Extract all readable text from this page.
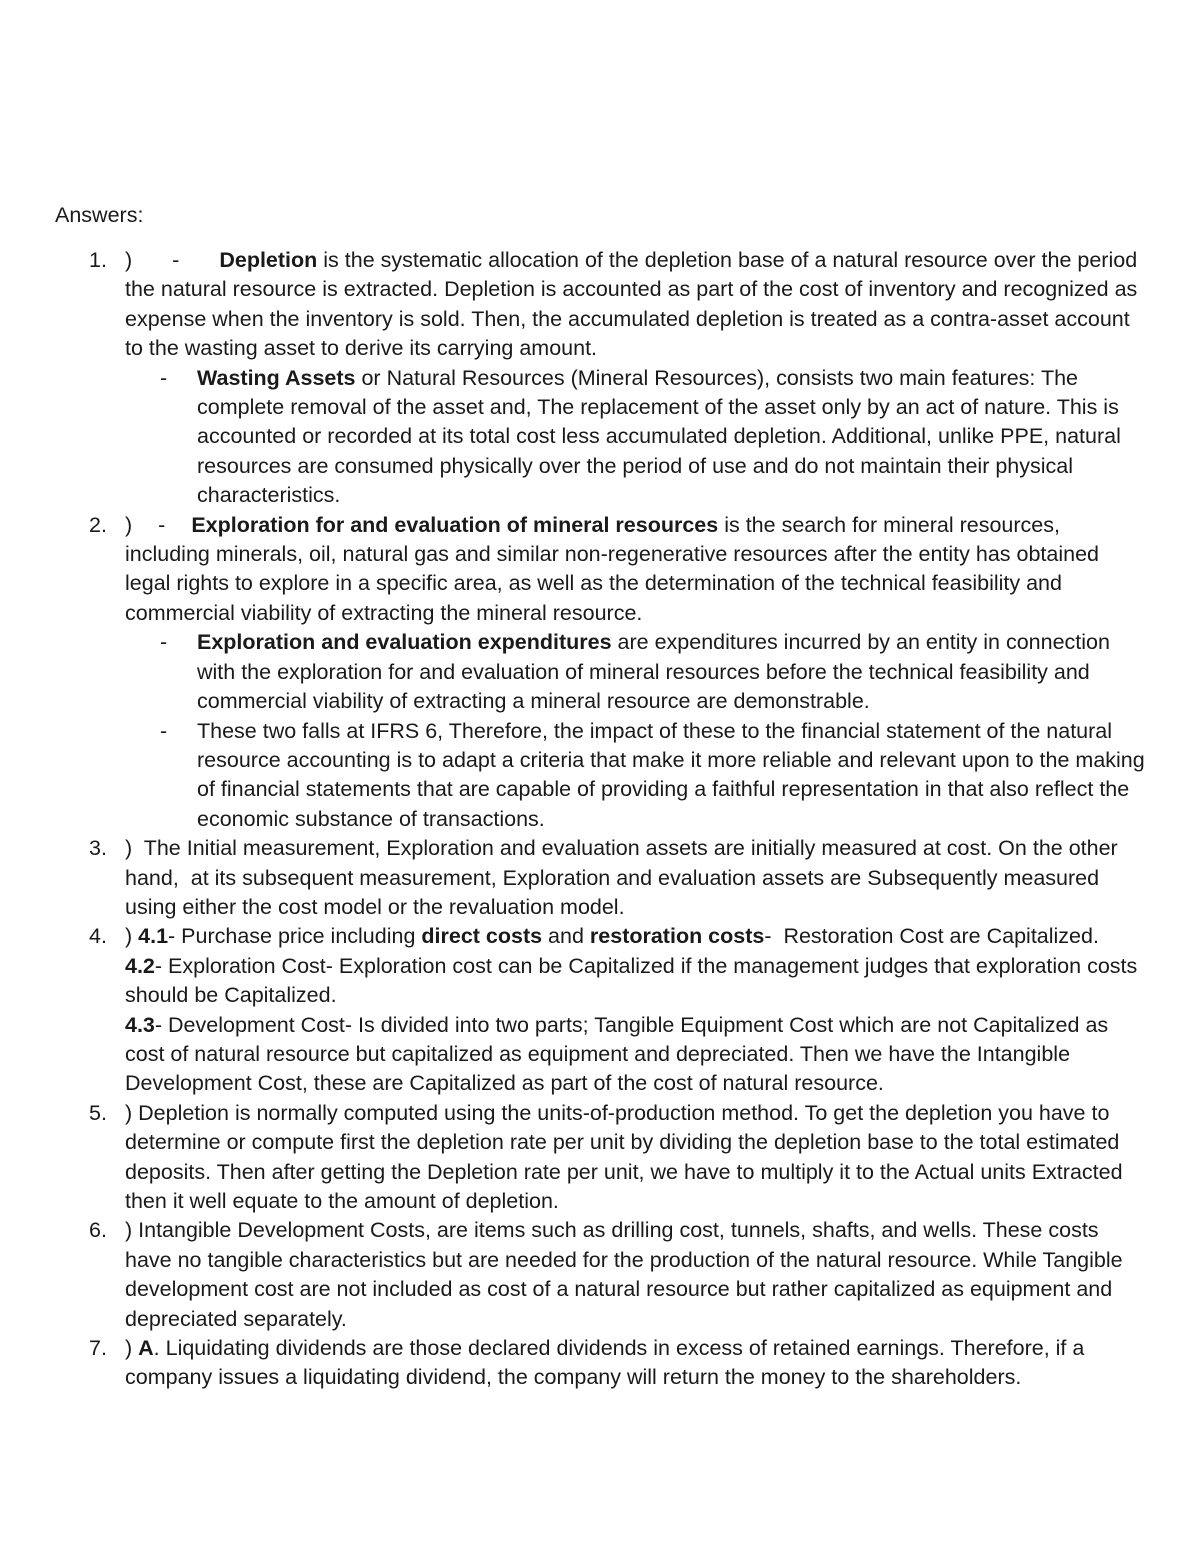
Answers:

1. ) - Depletion is the systematic allocation of the depletion base of a natural resource over the period the natural resource is extracted. Depletion is accounted as part of the cost of inventory and recognized as expense when the inventory is sold. Then, the accumulated depletion is treated as a contra-asset account to the wasting asset to derive its carrying amount.
- Wasting Assets or Natural Resources (Mineral Resources), consists two main features: The complete removal of the asset and, The replacement of the asset only by an act of nature. This is accounted or recorded at its total cost less accumulated depletion. Additional, unlike PPE, natural resources are consumed physically over the period of use and do not maintain their physical characteristics.
2. ) - Exploration for and evaluation of mineral resources is the search for mineral resources, including minerals, oil, natural gas and similar non-regenerative resources after the entity has obtained legal rights to explore in a specific area, as well as the determination of the technical feasibility and commercial viability of extracting the mineral resource.
- Exploration and evaluation expenditures are expenditures incurred by an entity in connection with the exploration for and evaluation of mineral resources before the technical feasibility and commercial viability of extracting a mineral resource are demonstrable.
- These two falls at IFRS 6, Therefore, the impact of these to the financial statement of the natural resource accounting is to adapt a criteria that make it more reliable and relevant upon to the making of financial statements that are capable of providing a faithful representation in that also reflect the economic substance of transactions.
3. )  The Initial measurement, Exploration and evaluation assets are initially measured at cost. On the other hand,  at its subsequent measurement, Exploration and evaluation assets are Subsequently measured using either the cost model or the revaluation model.
4. ) 4.1- Purchase price including direct costs and restoration costs-  Restoration Cost are Capitalized.
4.2- Exploration Cost- Exploration cost can be Capitalized if the management judges that exploration costs should be Capitalized.
4.3- Development Cost- Is divided into two parts; Tangible Equipment Cost which are not Capitalized as cost of natural resource but capitalized as equipment and depreciated. Then we have the Intangible Development Cost, these are Capitalized as part of the cost of natural resource.
5. ) Depletion is normally computed using the units-of-production method. To get the depletion you have to determine or compute first the depletion rate per unit by dividing the depletion base to the total estimated deposits. Then after getting the Depletion rate per unit, we have to multiply it to the Actual units Extracted then it well equate to the amount of depletion.
6. ) Intangible Development Costs, are items such as drilling cost, tunnels, shafts, and wells. These costs have no tangible characteristics but are needed for the production of the natural resource. While Tangible development cost are not included as cost of a natural resource but rather capitalized as equipment and depreciated separately.
7. ) A. Liquidating dividends are those declared dividends in excess of retained earnings. Therefore, if a company issues a liquidating dividend, the company will return the money to the shareholders.
